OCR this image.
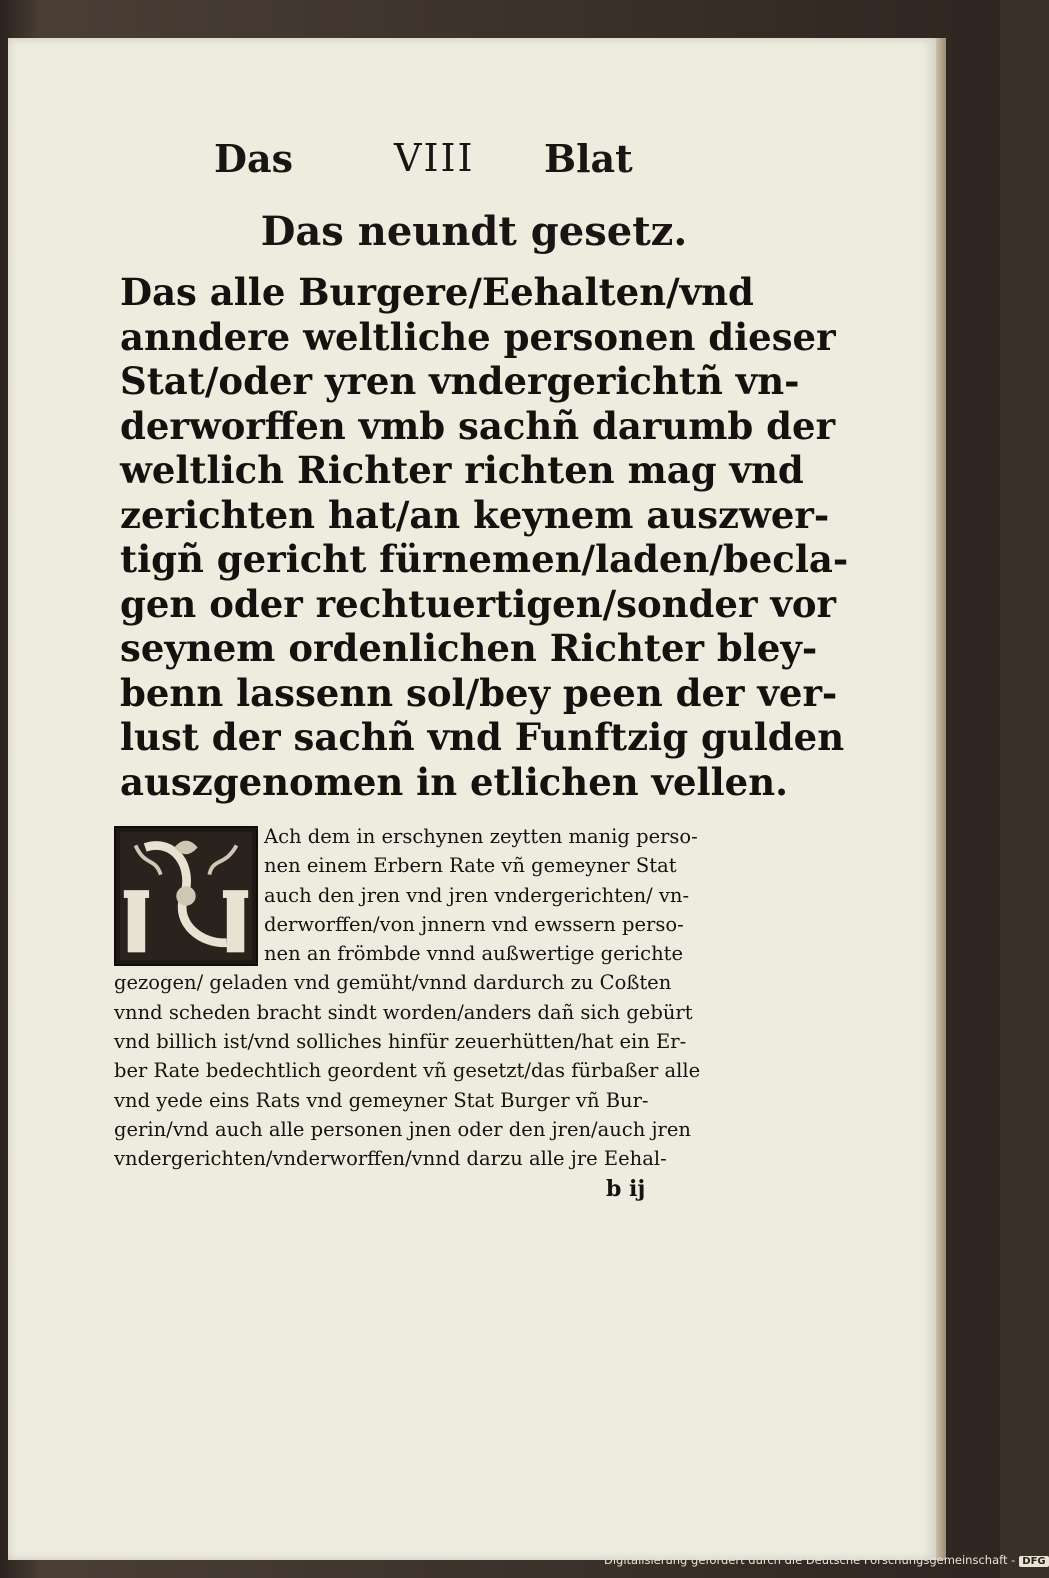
Das	VIII Blat
Das neundt gesetz.
Das alle Burgere/Eehalten/vnd
anndere weltliche personen dieser
Stat/oder yren vndergerichtñ vn-
derworffen vmb sachñ darumb der
weltlich Richter richten mag vnd
zerichten hat/an keynem auszwer-
tigñ gericht fürnemen/laden/becla-
gen oder rechtuertigen/sonder vor
seynem ordenlichen Richter bley-
benn lassenn sol/bey peen der ver-
lust der sachñ vnd Funftzig gulden
auszgenomen in etlichen vellen.
Ach dem in erschynen zeytten manig perso-
nen einem Erbern Rate vñ gemeyner Stat
auch den jren vnd jren vndergerichten/ vn-
derworffen/von jnnern vnd ewssern perso-
nen an frömbde vnnd außwertige gerichte
gezogen/ geladen vnd gemüht/vnnd dardurch zu Coßten
vnnd scheden bracht sindt worden/anders dañ sich gebürt
vnd billich ist/vnd solliches hinfür zeuerhütten/hat ein Er-
ber Rate bedechtlich geordent vñ gesetzt/das fürbaßer alle
vnd yede eins Rats vnd gemeyner Stat Burger vñ Bur-
gerin/vnd auch alle personen jnen oder den jren/auch jren
vndergerichten/vnderworffen/vnnd darzu alle jre Eehal-
b ij
Digitalisierung gefördert durch die Deutsche Forschungsgemeinschaft - DFG
